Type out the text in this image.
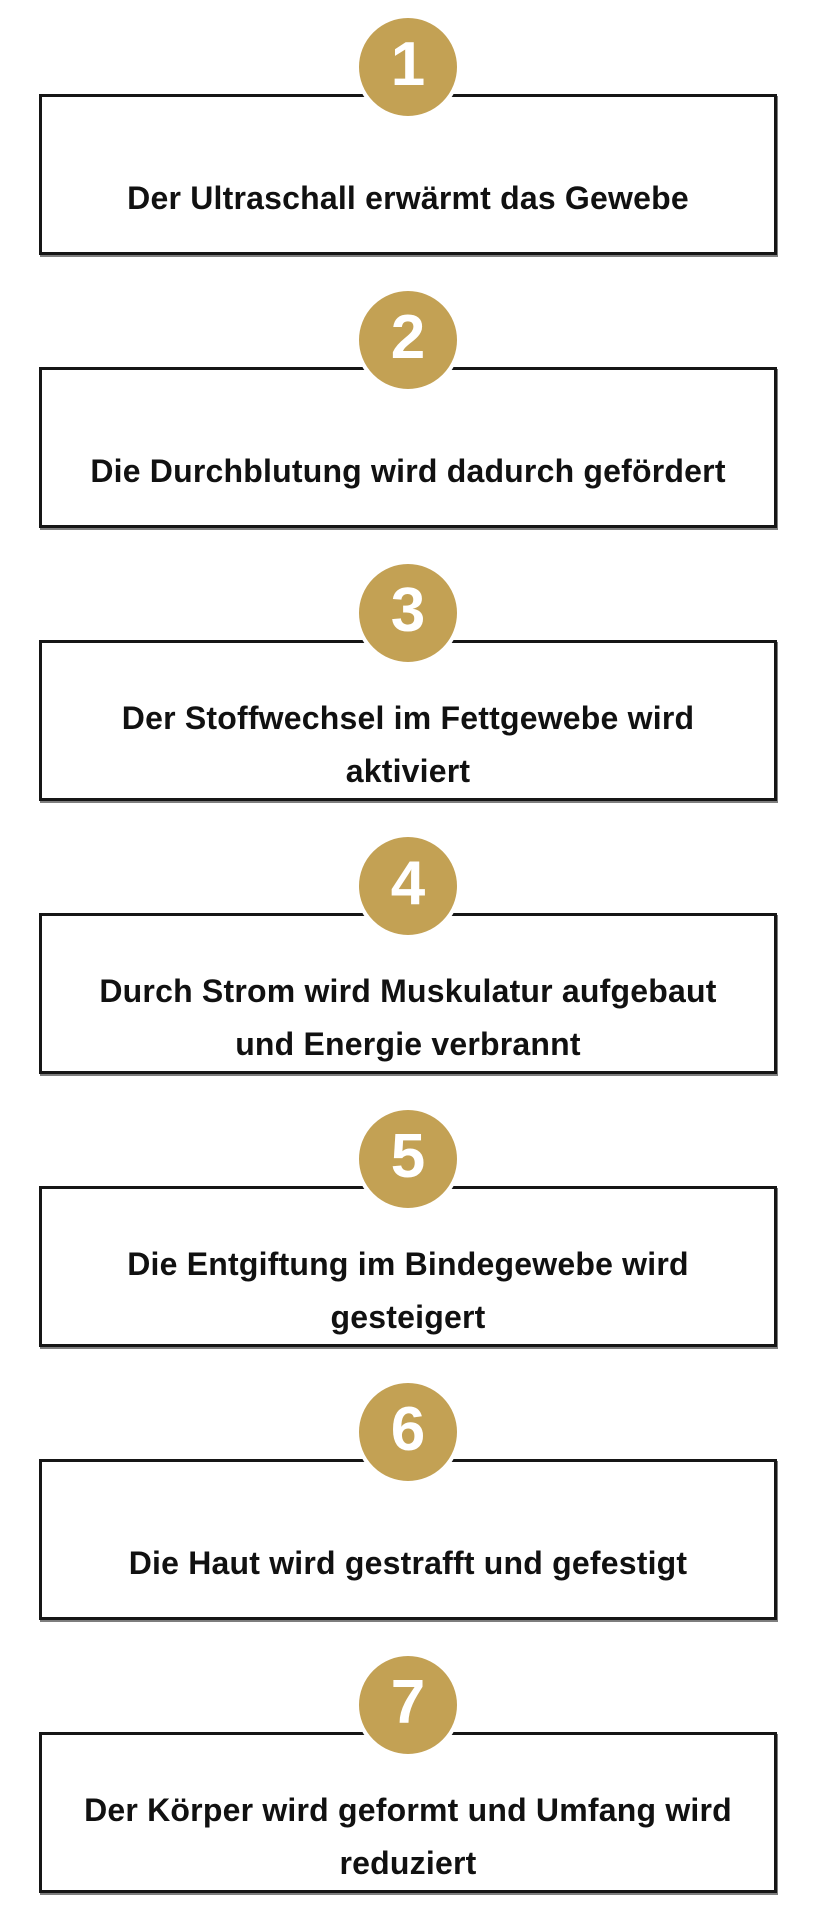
1

Der Ultraschall erwärmt das Gewebe

2

Die Durchblutung wird dadurch gefördert

3

Der Stoffwechsel im Fettgewebe wird
aktiviert

4

Durch Strom wird Muskulatur aufgebaut
und Energie verbrannt

5

Die Entgiftung im Bindegewebe wird
gesteigert

6

Die Haut wird gestrafft und gefestigt

7

Der Körper wird geformt und Umfang wird
reduziert
